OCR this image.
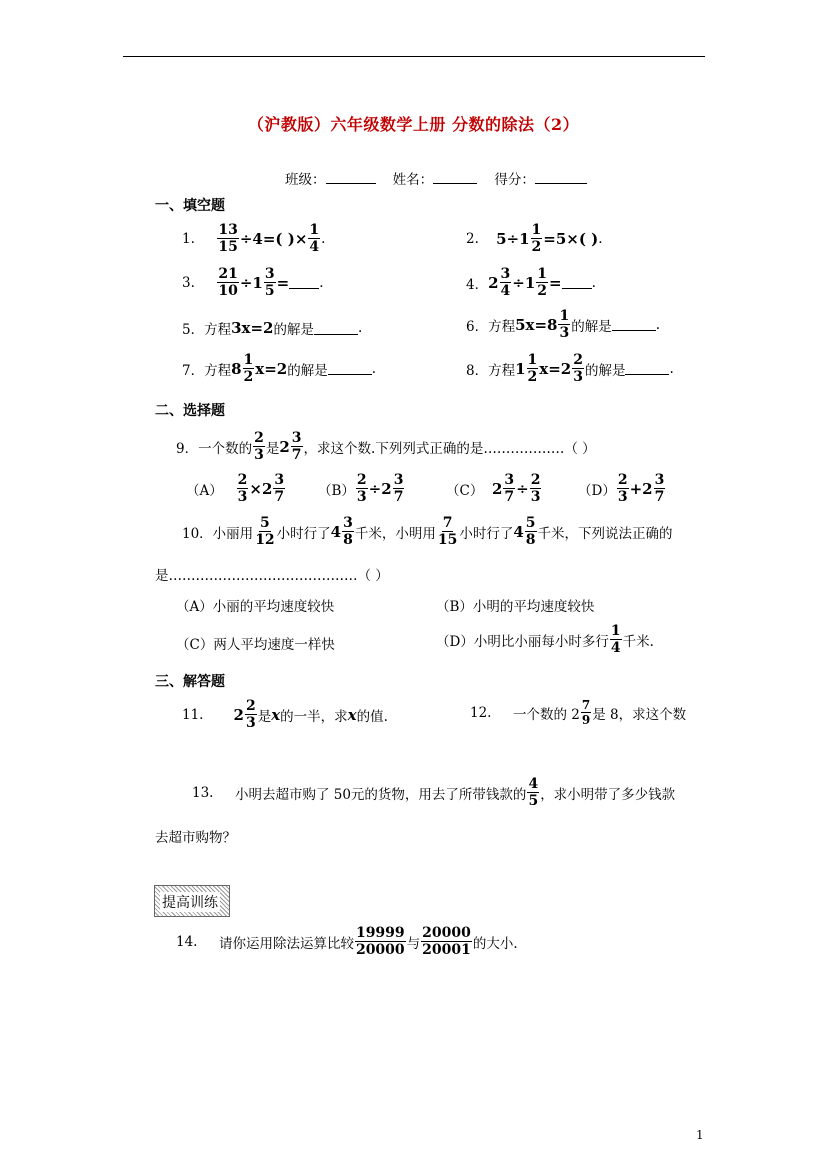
（沪教版）六年级数学上册 分数的除法（2）
班级：	姓名：	得分：
一、填空题
1.
$\frac{13}{15} \div 4=$( )× $\frac{1}{4}$ .	2.
$5\div 1 \frac{1}{2} =5\times$( ) .
3.
$\frac{21}{10} \div 1 \frac{3}{5}$ = .	4． $2 \frac{3}{4} \div 1 \frac{1}{2}$ = .
5．方程 3x=2 的解是	.	6．方程 $5x=8 \frac{1}{3}$ 的解是	.
7．方程 $8 \frac{1}{2} x=2$ 的解是	.	8．方程 $1 \frac{1}{2} x=2 \frac{2}{3}$ 的解是	.
二、选择题
9．一个数的 $\frac{2}{3}$ 是 $2 \frac{3}{7}$ ，求这个数.下列列式正确的是………………（ ）
（A）
$\frac{2}{3} \times 2 \frac{3}{7} (B) \frac{2}{3} \div 2 \frac{3}{7}$	（C）
$2 \frac{3}{7} \div \frac{2}{3}$	$(D) \frac{2}{3} +2 \frac{3}{7}$
10．小丽用 $\frac{5}{12}$ 小时行了 $4 \frac{3}{8}$ 千米，小明用 $\frac{7}{15}$ 小时行了 $4 \frac{5}{8}$ 千米，下列说法正确的
是……………………………………（ ）
（A）小丽的平均速度较快	（B）小明的平均速度较快
（C）两人平均速度一样快	（D）小明比小丽每小时多行 $\frac{1}{4}$ 千米.
三、解答题
11.
$2 \frac{2}{3}$ 是 x 的一半，求 x 的值.	12.
一个数的 $2 \frac{7}{9}$ 是 8，求这个数
13.
小明去超市购了 50元的货物，用去了所带钱款的 $\frac{4}{5}$ ，求小明带了多少钱款
去超市购物？
提高训练
14.
请你运用除法运算比较 $\frac{19999}{20000}$ 与 $\frac{20000}{20001}$ 的大小.
1
